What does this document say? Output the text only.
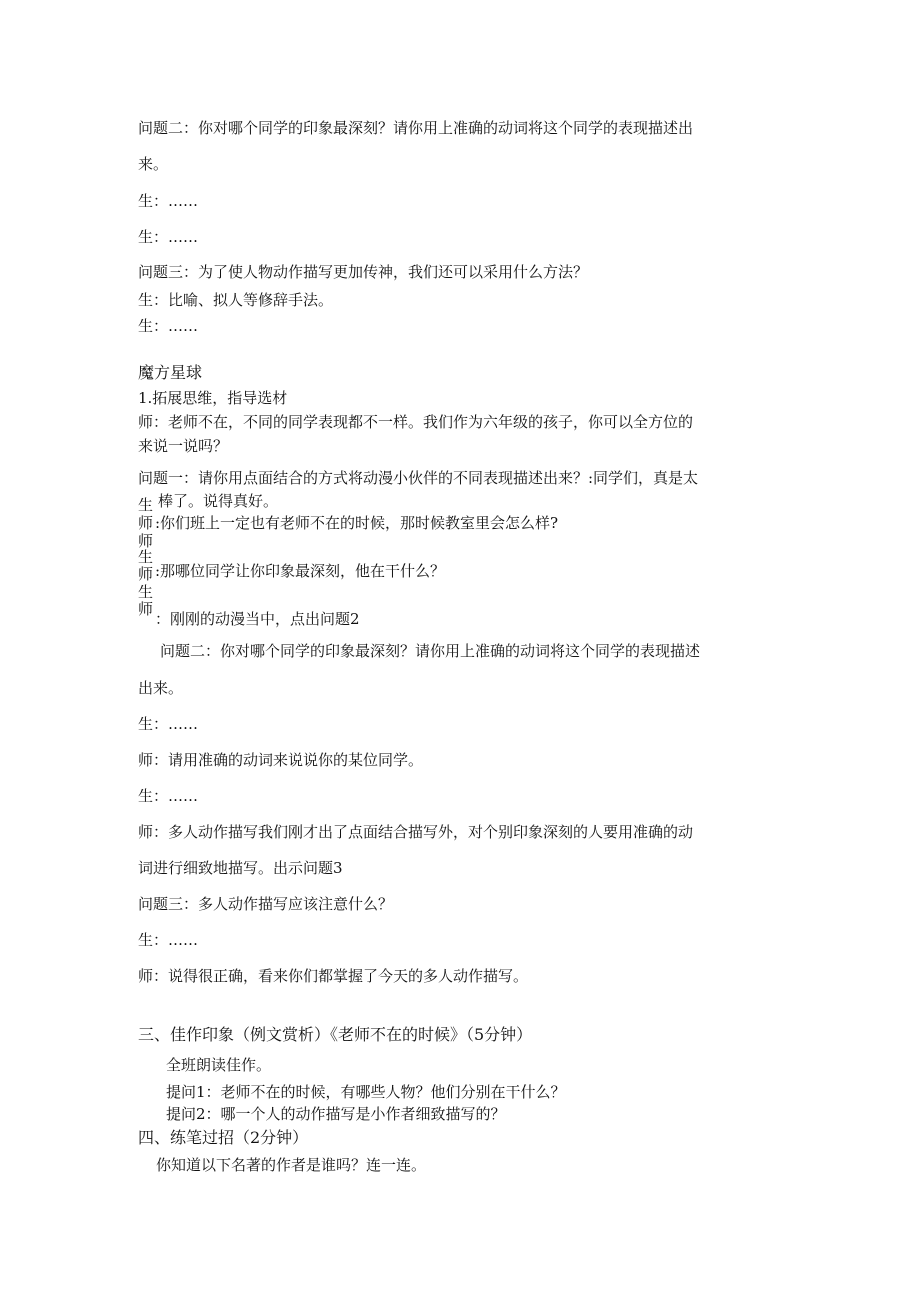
问题二：你对哪个同学的印象最深刻？请你用上准确的动词将这个同学的表现描述出
来。
生：……
生：……
问题三：为了使人物动作描写更加传神，我们还可以采用什么方法？
生：比喻、拟人等修辞手法。
生：……
魔方星球
1.拓展思维，指导选材
师：老师不在，不同的同学表现都不一样。我们作为六年级的孩子，你可以全方位的
来说一说吗？
问题一：请你用点面结合的方式将动漫小伙伴的不同表现描述出来？:同学们，真是太
棒了。说得真好。
生
师 :你们班上一定也有老师不在的时候，那时候教室里会怎么样?
师
生
师 :那哪位同学让你印象最深刻，他在干什么？
生
师
：刚刚的动漫当中，点出问题2
问题二：你对哪个同学的印象最深刻？请你用上准确的动词将这个同学的表现描述
出来。
生：……
师：请用准确的动词来说说你的某位同学。
生：……
师：多人动作描写我们刚才出了点面结合描写外，对个别印象深刻的人要用准确的动
词进行细致地描写。出示问题3
问题三：多人动作描写应该注意什么？
生：……
师：说得很正确，看来你们都掌握了今天的多人动作描写。
三、佳作印象（例文赏析）《老师不在的时候》（5分钟）
全班朗读佳作。
提问1：老师不在的时候，有哪些人物？他们分别在干什么？
提问2：哪一个人的动作描写是小作者细致描写的？
四、练笔过招（2分钟）
你知道以下名著的作者是谁吗？连一连。
